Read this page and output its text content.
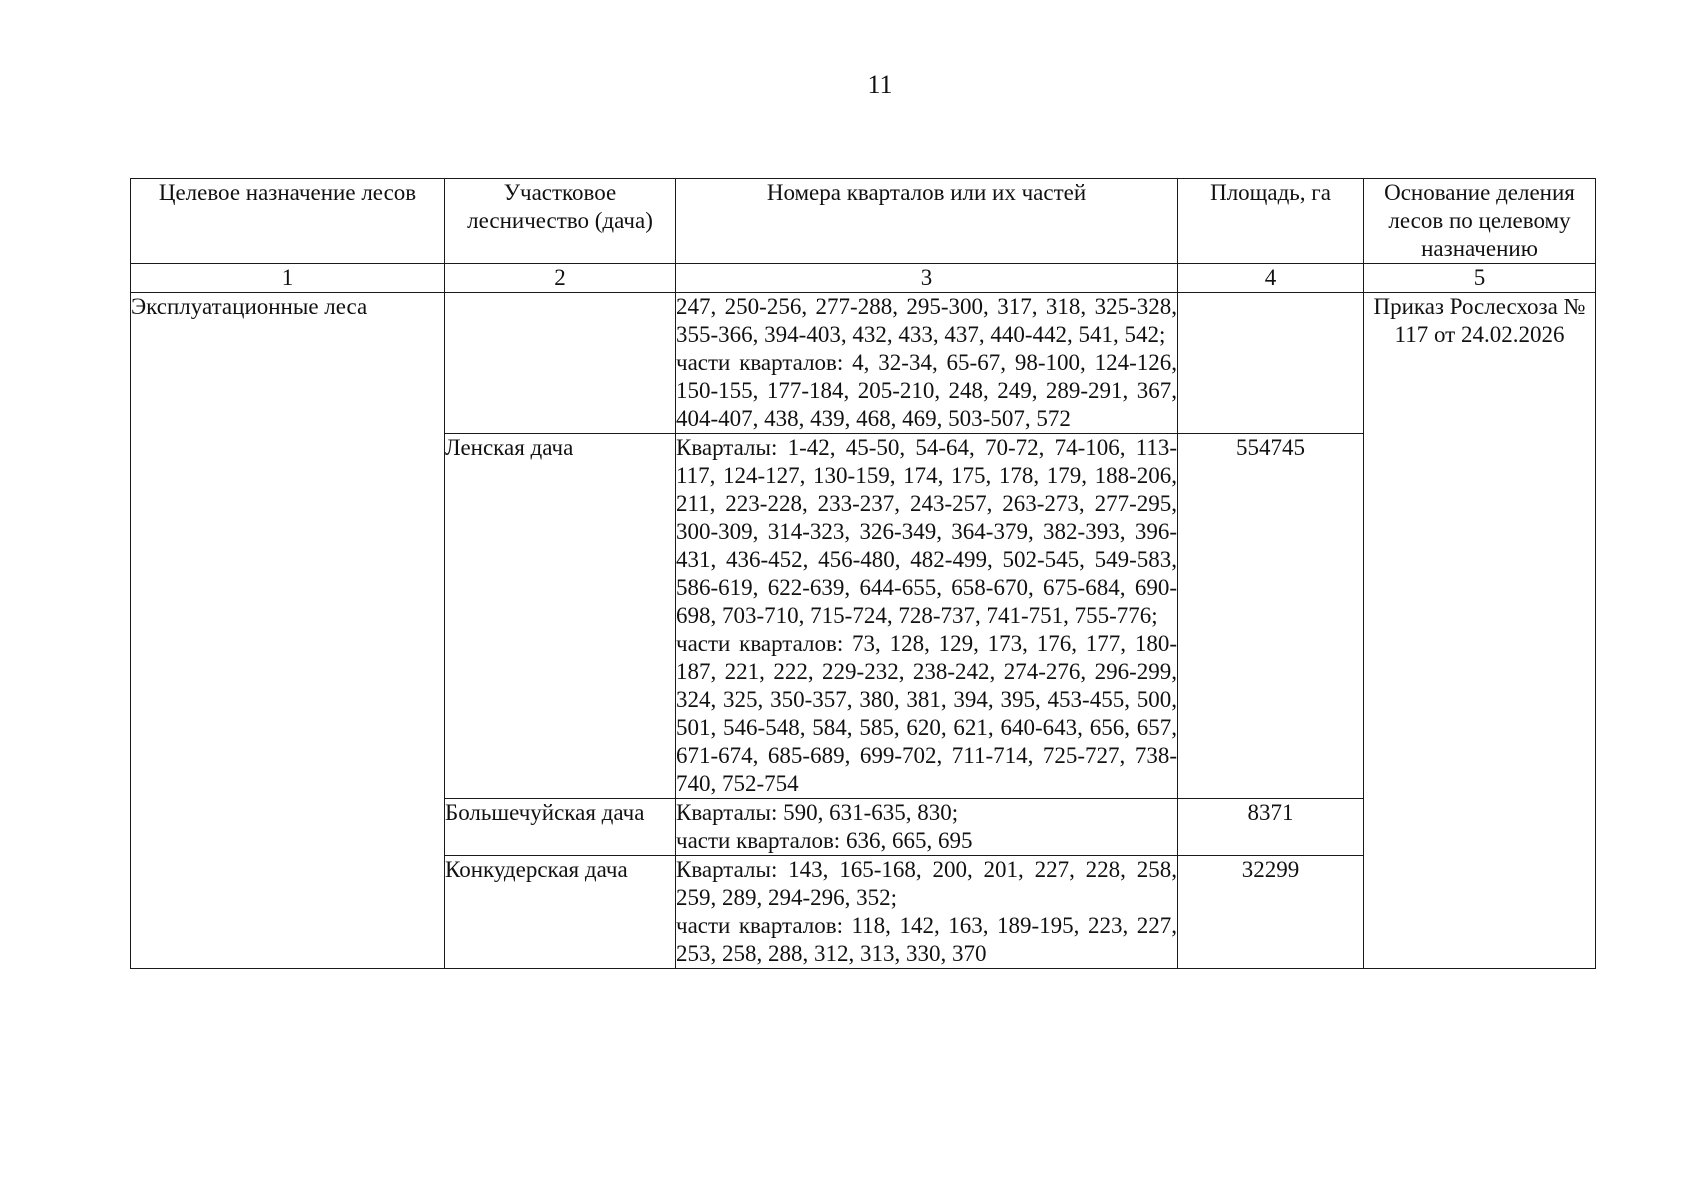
11
Целевое назначение лесов	Участковое лесничество (дача)	Номера кварталов или их частей	Площадь, га	Основание деления лесов по целевому назначению
1	2	3	4	5
Эксплуатационные леса		247, 250-256, 277-288, 295-300, 317, 318, 325-328, 355-366, 394-403, 432, 433, 437, 440-442, 541, 542;
части кварталов: 4, 32-34, 65-67, 98-100, 124-126, 150-155, 177-184, 205-210, 248, 249, 289-291, 367, 404-407, 438, 439, 468, 469, 503-507, 572		Приказ Рослесхоза № 117 от 24.02.2026
	Ленская дача	Кварталы: 1-42, 45-50, 54-64, 70-72, 74-106, 113-117, 124-127, 130-159, 174, 175, 178, 179, 188-206, 211, 223-228, 233-237, 243-257, 263-273, 277-295, 300-309, 314-323, 326-349, 364-379, 382-393, 396-431, 436-452, 456-480, 482-499, 502-545, 549-583, 586-619, 622-639, 644-655, 658-670, 675-684, 690-698, 703-710, 715-724, 728-737, 741-751, 755-776;
части кварталов: 73, 128, 129, 173, 176, 177, 180-187, 221, 222, 229-232, 238-242, 274-276, 296-299, 324, 325, 350-357, 380, 381, 394, 395, 453-455, 500, 501, 546-548, 584, 585, 620, 621, 640-643, 656, 657, 671-674, 685-689, 699-702, 711-714, 725-727, 738-740, 752-754	554745	
	Большечуйская дача	Кварталы: 590, 631-635, 830;
части кварталов: 636, 665, 695	8371	
	Конкудерская дача	Кварталы: 143, 165-168, 200, 201, 227, 228, 258, 259, 289, 294-296, 352;
части кварталов: 118, 142, 163, 189-195, 223, 227, 253, 258, 288, 312, 313, 330, 370	32299	
